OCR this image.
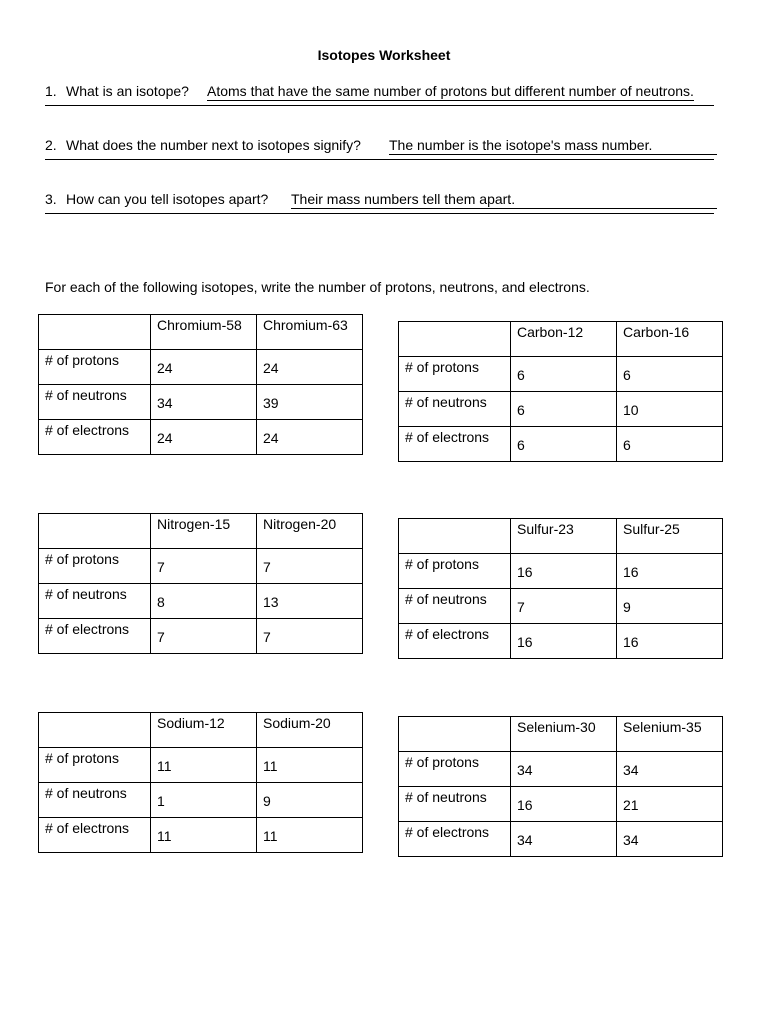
Isotopes Worksheet
1. What is an isotope? Atoms that have the same number of protons but different number of neutrons.
2. What does the number next to isotopes signify? The number is the isotope's mass number.
3. How can you tell isotopes apart? Their mass numbers tell them apart.
For each of the following isotopes, write the number of protons, neutrons, and electrons.

	Chromium-58	Chromium-63

# of protons	24	24

# of neutrons	34	39

# of electrons	24	24

	Carbon-12	Carbon-16

# of protons	6	6

# of neutrons	6	10

# of electrons	6	6

	Nitrogen-15	Nitrogen-20

# of protons	7	7

# of neutrons	8	13

# of electrons	7	7

	Sulfur-23	Sulfur-25

# of protons	16	16

# of neutrons	7	9

# of electrons	16	16

	Sodium-12	Sodium-20

# of protons	11	11

# of neutrons	1	9

# of electrons	11	11

	Selenium-30	Selenium-35

# of protons	34	34

# of neutrons	16	21

# of electrons	34	34
